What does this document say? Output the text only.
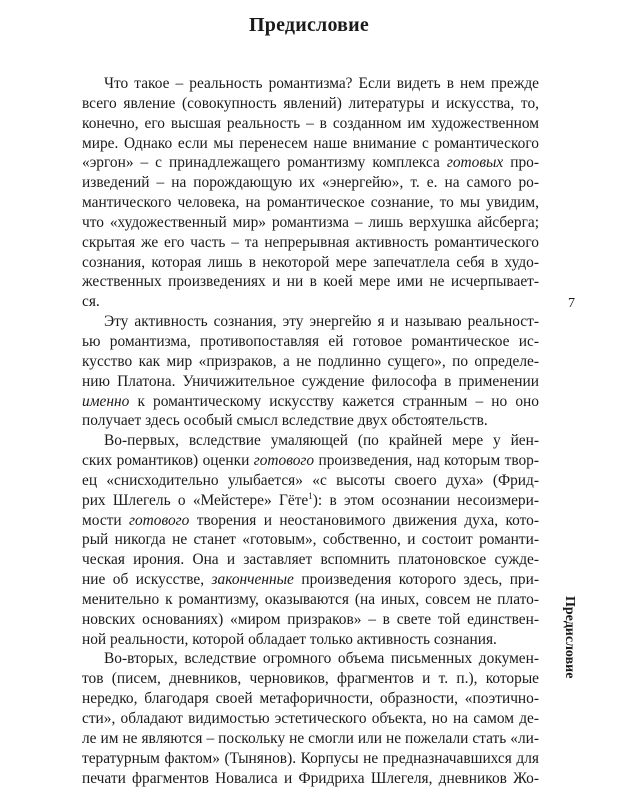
Предисловие
7
Предисловие

Что такое – реальность романтизма? Если видеть в нем прежде
всего явление (совокупность явлений) литературы и искусства, то,
конечно, его высшая реальность – в созданном им художественном
мире. Однако если мы перенесем наше внимание с романтического
«эргон» – с принадлежащего романтизму комплекса готовых про-
изведений – на порождающую их «энергейю», т. е. на самого ро-
мантического человека, на романтическое сознание, то мы увидим,
что «художественный мир» романтизма – лишь верхушка айсберга;
скрытая же его часть – та непрерывная активность романтического
сознания, которая лишь в некоторой мере запечатлела себя в худо-
жественных произведениях и ни в коей мере ими не исчерпывает-
ся.

Эту активность сознания, эту энергейю я и называю реальност-
ью романтизма, противопоставляя ей готовое романтическое ис-
кусство как мир «призраков, а не подлинно сущего», по определе-
нию Платона. Уничижительное суждение философа в применении
именно к романтическому искусству кажется странным – но оно
получает здесь особый смысл вследствие двух обстоятельств.

Во-первых, вследствие умаляющей (по крайней мере у йен-
ских романтиков) оценки готового произведения, над которым твор-
ец «снисходительно улыбается» «с высоты своего духа» (Фрид-
рих Шлегель о «Мейстере» Гёте$^1$): в этом осознании несоизмери-
мости готового творения и неостановимого движения духа, кото-
рый никогда не станет «готовым», собственно, и состоит романти-
ческая ирония. Она и заставляет вспомнить платоновское сужде-
ние об искусстве, законченные произведения которого здесь, при-
менительно к романтизму, оказываются (на иных, совсем не плато-
новских основаниях) «миром призраков» – в свете той единствен-
ной реальности, которой обладает только активность сознания.

Во-вторых, вследствие огромного объема письменных докумен-
тов (писем, дневников, черновиков, фрагментов и т. п.), которые
нередко, благодаря своей метафоричности, образности, «поэтично-
сти», обладают видимостью эстетического объекта, но на самом де-
ле им не являются – поскольку не смогли или не пожелали стать «ли-
тературным фактом» (Тынянов). Корпусы не предназначавшихся для
печати фрагментов Новалиса и Фридриха Шлегеля, дневников Жо-
